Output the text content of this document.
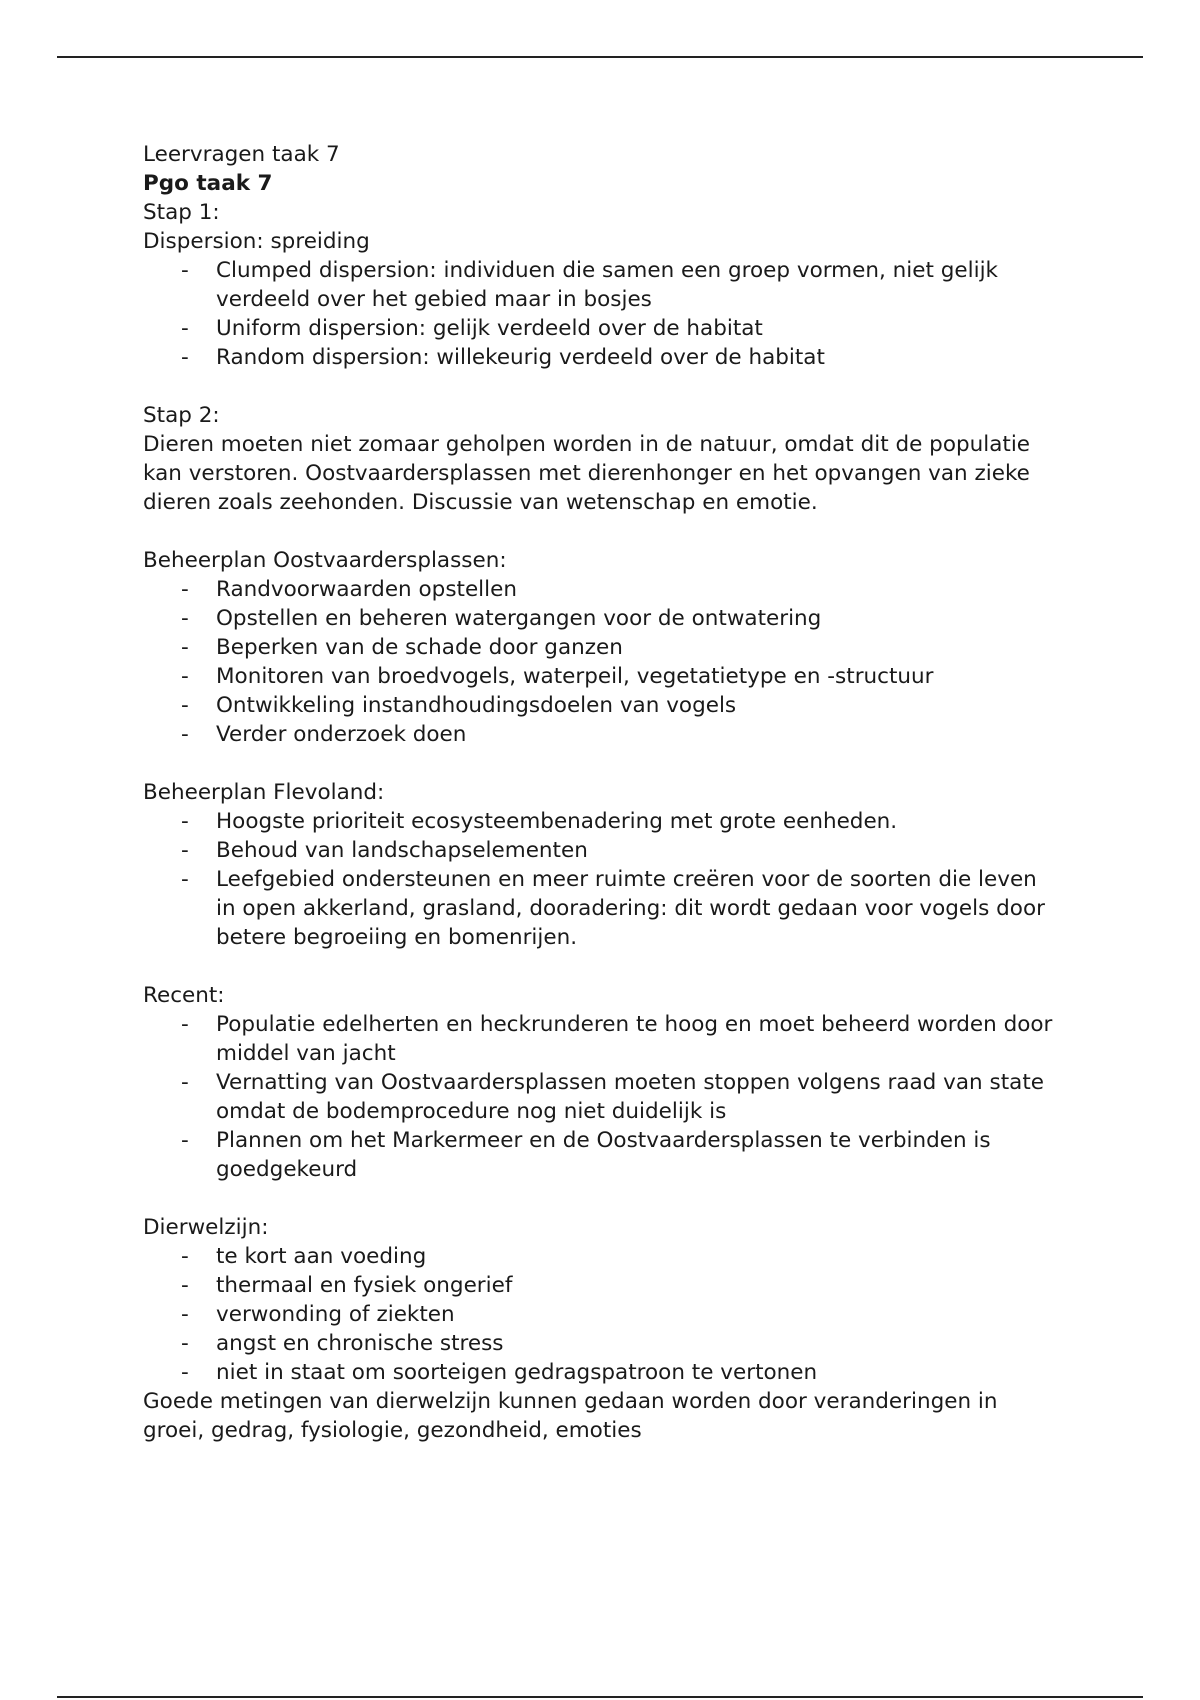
Leervragen taak 7

Pgo taak 7

Stap 1:

Dispersion: spreiding

- Clumped dispersion: individuen die samen een groep vormen, niet gelijk verdeeld over het gebied maar in bosjes
- Uniform dispersion: gelijk verdeeld over de habitat
- Random dispersion: willekeurig verdeeld over de habitat

Stap 2:

Dieren moeten niet zomaar geholpen worden in de natuur, omdat dit de populatie kan verstoren. Oostvaardersplassen met dierenhonger en het opvangen van zieke dieren zoals zeehonden. Discussie van wetenschap en emotie.

Beheerplan Oostvaardersplassen:

- Randvoorwaarden opstellen
- Opstellen en beheren watergangen voor de ontwatering
- Beperken van de schade door ganzen
- Monitoren van broedvogels, waterpeil, vegetatietype en -structuur
- Ontwikkeling instandhoudingsdoelen van vogels
- Verder onderzoek doen

Beheerplan Flevoland:

- Hoogste prioriteit ecosysteembenadering met grote eenheden.
- Behoud van landschapselementen
- Leefgebied ondersteunen en meer ruimte creëren voor de soorten die leven in open akkerland, grasland, dooradering: dit wordt gedaan voor vogels door betere begroeiing en bomenrijen.

Recent:

- Populatie edelherten en heckrunderen te hoog en moet beheerd worden door middel van jacht
- Vernatting van Oostvaardersplassen moeten stoppen volgens raad van state omdat de bodemprocedure nog niet duidelijk is
- Plannen om het Markermeer en de Oostvaardersplassen te verbinden is goedgekeurd

Dierwelzijn:

- te kort aan voeding
- thermaal en fysiek ongerief
- verwonding of ziekten
- angst en chronische stress
- niet in staat om soorteigen gedragspatroon te vertonen

Goede metingen van dierwelzijn kunnen gedaan worden door veranderingen in groei, gedrag, fysiologie, gezondheid, emoties
